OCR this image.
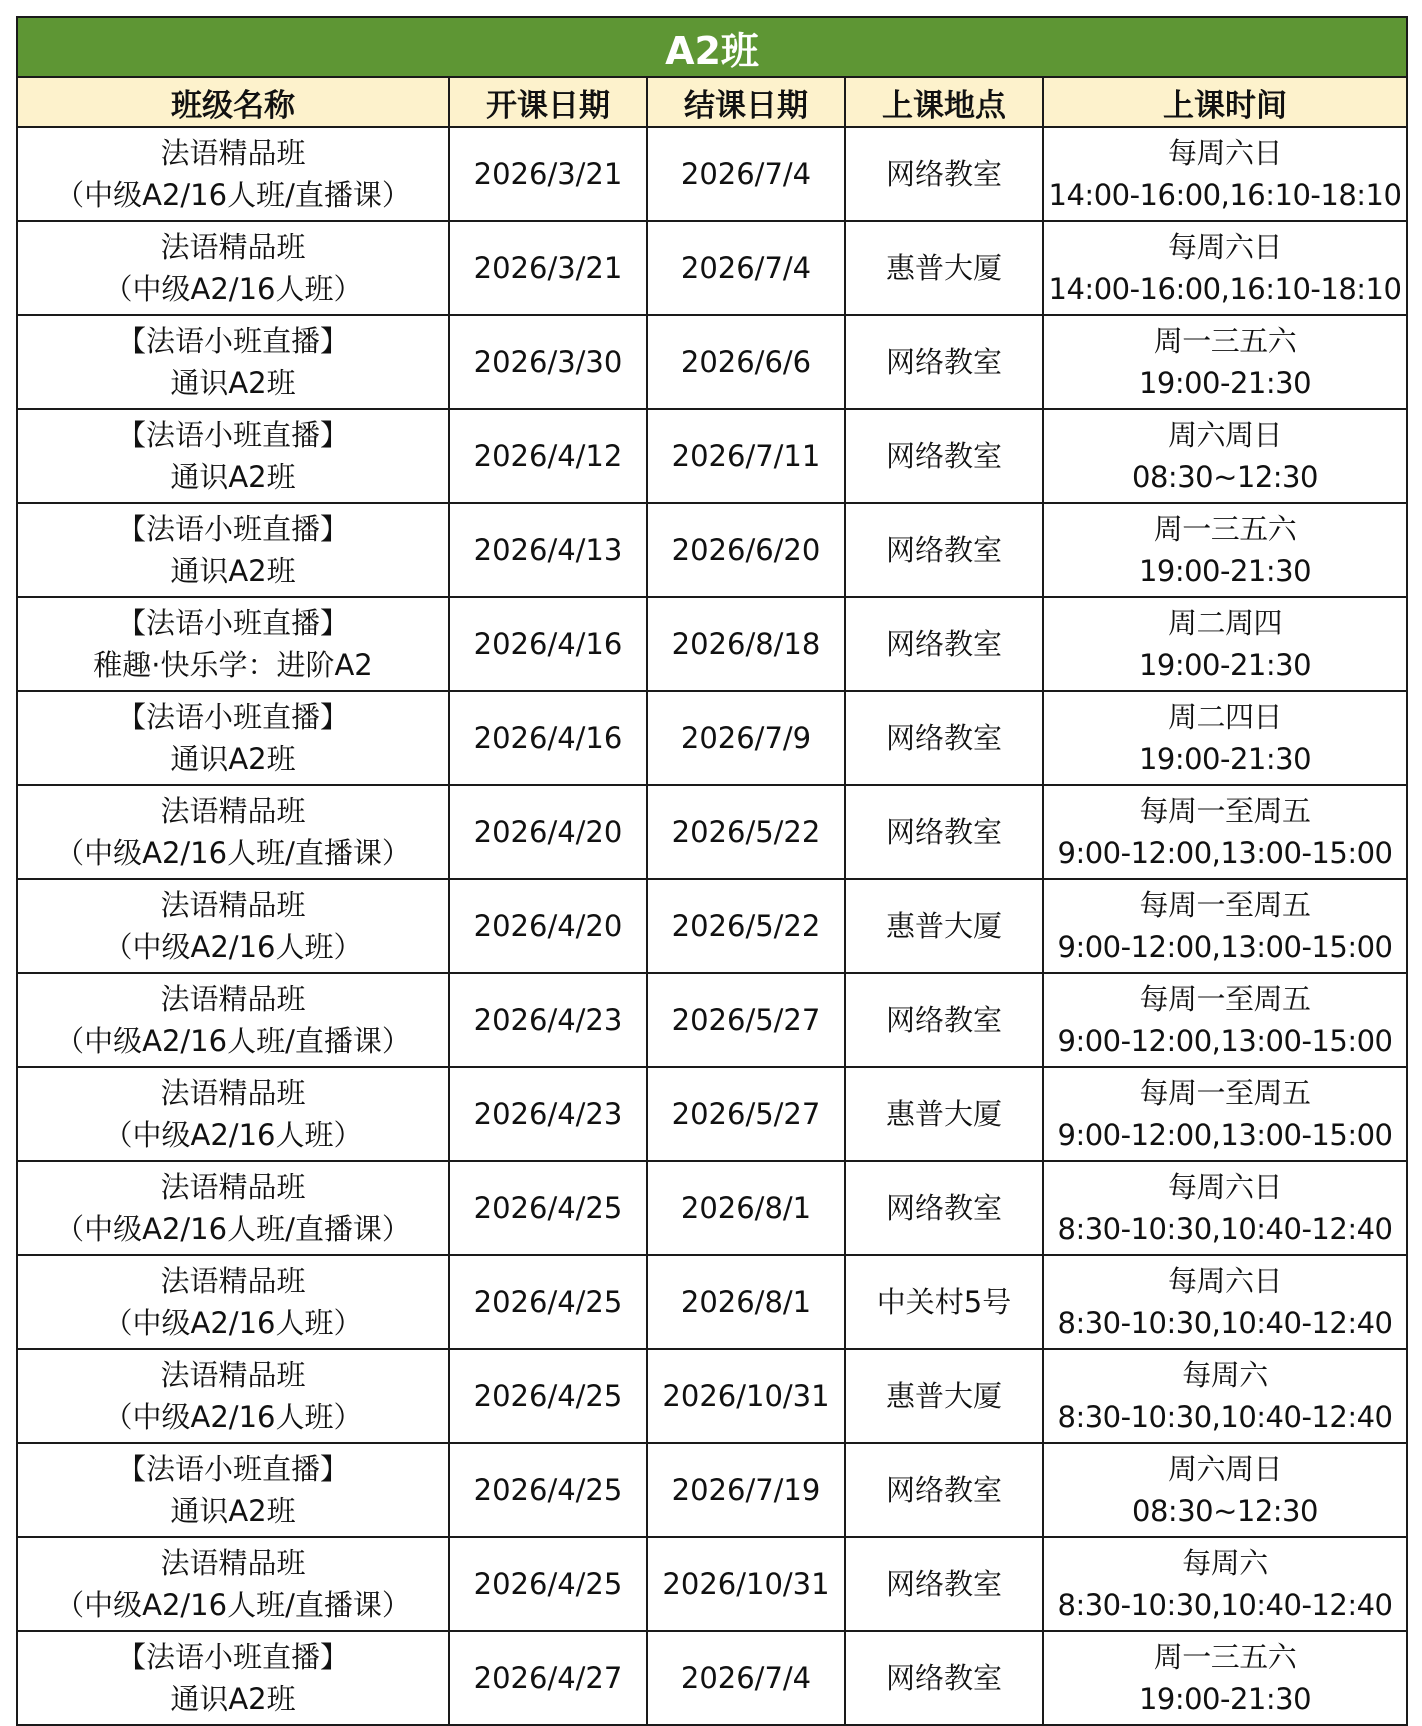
A2班				
班级名称	开课日期	结课日期	上课地点	上课时间

法语精品班
（中级A2/16人班/直播课）	2026/3/21	2026/7/4	网络教室	每周六日
14:00-16:00,16:10-18:10

法语精品班
（中级A2/16人班）	2026/3/21	2026/7/4	惠普大厦	每周六日
14:00-16:00,16:10-18:10

【法语小班直播】
通识A2班	2026/3/30	2026/6/6	网络教室	周一三五六
19:00-21:30

【法语小班直播】
通识A2班	2026/4/12	2026/7/11	网络教室	周六周日
08:30~12:30

【法语小班直播】
通识A2班	2026/4/13	2026/6/20	网络教室	周一三五六
19:00-21:30

【法语小班直播】
稚趣·快乐学：进阶A2	2026/4/16	2026/8/18	网络教室	周二周四
19:00-21:30

【法语小班直播】
通识A2班	2026/4/16	2026/7/9	网络教室	周二四日
19:00-21:30

法语精品班
（中级A2/16人班/直播课）	2026/4/20	2026/5/22	网络教室	每周一至周五
9:00-12:00,13:00-15:00

法语精品班
（中级A2/16人班）	2026/4/20	2026/5/22	惠普大厦	每周一至周五
9:00-12:00,13:00-15:00

法语精品班
（中级A2/16人班/直播课）	2026/4/23	2026/5/27	网络教室	每周一至周五
9:00-12:00,13:00-15:00

法语精品班
（中级A2/16人班）	2026/4/23	2026/5/27	惠普大厦	每周一至周五
9:00-12:00,13:00-15:00

法语精品班
（中级A2/16人班/直播课）	2026/4/25	2026/8/1	网络教室	每周六日
8:30-10:30,10:40-12:40

法语精品班
（中级A2/16人班）	2026/4/25	2026/8/1	中关村5号	每周六日
8:30-10:30,10:40-12:40

法语精品班
（中级A2/16人班）	2026/4/25	2026/10/31	惠普大厦	每周六
8:30-10:30,10:40-12:40

【法语小班直播】
通识A2班	2026/4/25	2026/7/19	网络教室	周六周日
08:30~12:30

法语精品班
（中级A2/16人班/直播课）	2026/4/25	2026/10/31	网络教室	每周六
8:30-10:30,10:40-12:40

【法语小班直播】
通识A2班	2026/4/27	2026/7/4	网络教室	周一三五六
19:00-21:30
